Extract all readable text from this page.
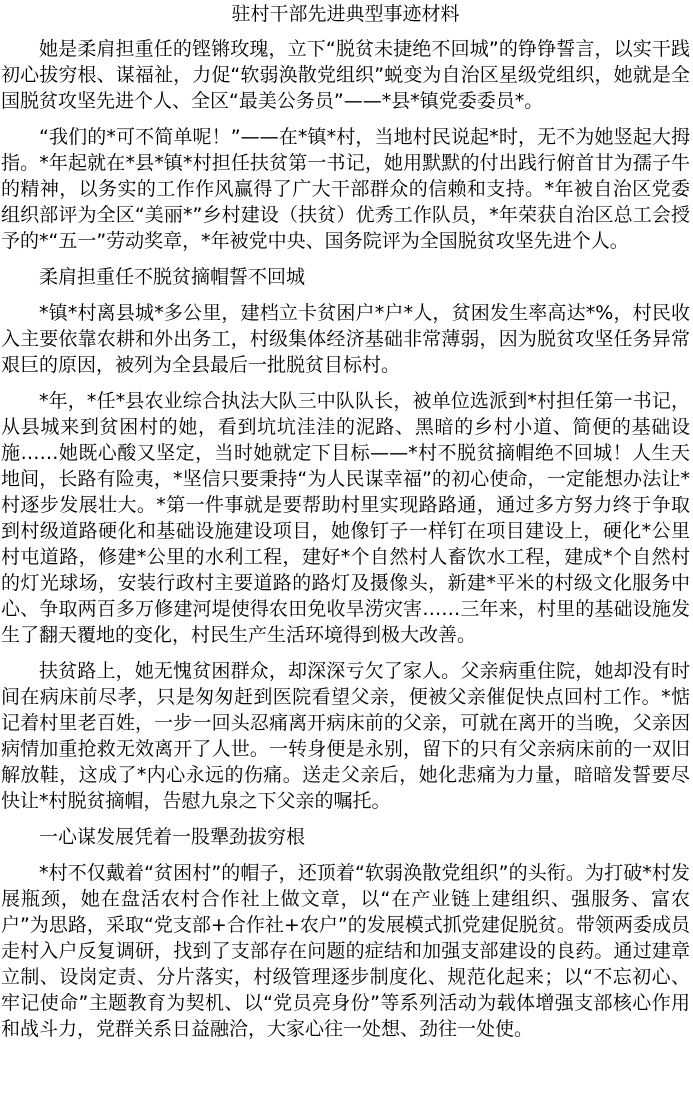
驻村干部先进典型事迹材料

她是柔肩担重任的铿锵玫瑰，立下“脱贫未捷绝不回城”的铮铮誓言，以实干践初心拔穷根、谋福祉，力促“软弱涣散党组织”蜕变为自治区星级党组织，她就是全国脱贫攻坚先进个人、全区“最美公务员”——*县*镇党委委员*。

“我们的*可不简单呢！”——在*镇*村，当地村民说起*时，无不为她竖起大拇指。*年起就在*县*镇*村担任扶贫第一书记，她用默默的付出践行俯首甘为孺子牛的精神，以务实的工作作风赢得了广大干部群众的信赖和支持。*年被自治区党委组织部评为全区“美丽*”乡村建设（扶贫）优秀工作队员，*年荣获自治区总工会授予的*“五一”劳动奖章，*年被党中央、国务院评为全国脱贫攻坚先进个人。

柔肩担重任不脱贫摘帽誓不回城

*镇*村离县城*多公里，建档立卡贫困户*户*人，贫困发生率高达*%，村民收入主要依靠农耕和外出务工，村级集体经济基础非常薄弱，因为脱贫攻坚任务异常艰巨的原因，被列为全县最后一批脱贫目标村。

*年，*任*县农业综合执法大队三中队队长，被单位选派到*村担任第一书记，从县城来到贫困村的她，看到坑坑洼洼的泥路、黑暗的乡村小道、简便的基础设施……她既心酸又坚定，当时她就定下目标——*村不脱贫摘帽绝不回城！人生天地间，长路有险夷，*坚信只要秉持“为人民谋幸福”的初心使命，一定能想办法让*村逐步发展壮大。*第一件事就是要帮助村里实现路路通，通过多方努力终于争取到村级道路硬化和基础设施建设项目，她像钉子一样钉在项目建设上，硬化*公里村屯道路，修建*公里的水利工程，建好*个自然村人畜饮水工程，建成*个自然村的灯光球场，安装行政村主要道路的路灯及摄像头，新建*平米的村级文化服务中心、争取两百多万修建河堤使得农田免收旱涝灾害……三年来，村里的基础设施发生了翻天覆地的变化，村民生产生活环境得到极大改善。

扶贫路上，她无愧贫困群众，却深深亏欠了家人。父亲病重住院，她却没有时间在病床前尽孝，只是匆匆赶到医院看望父亲，便被父亲催促快点回村工作。*惦记着村里老百姓，一步一回头忍痛离开病床前的父亲，可就在离开的当晚，父亲因病情加重抢救无效离开了人世。一转身便是永别，留下的只有父亲病床前的一双旧解放鞋，这成了*内心永远的伤痛。送走父亲后，她化悲痛为力量，暗暗发誓要尽快让*村脱贫摘帽，告慰九泉之下父亲的嘱托。

一心谋发展凭着一股犟劲拔穷根

*村不仅戴着“贫困村”的帽子，还顶着“软弱涣散党组织”的头衔。为打破*村发展瓶颈，她在盘活农村合作社上做文章，以“在产业链上建组织、强服务、富农户”为思路，采取“党支部+合作社+农户”的发展模式抓党建促脱贫。带领两委成员走村入户反复调研，找到了支部存在问题的症结和加强支部建设的良药。通过建章立制、设岗定责、分片落实，村级管理逐步制度化、规范化起来；以“不忘初心、牢记使命”主题教育为契机、以“党员亮身份”等系列活动为载体增强支部核心作用和战斗力，党群关系日益融洽，大家心往一处想、劲往一处使。
